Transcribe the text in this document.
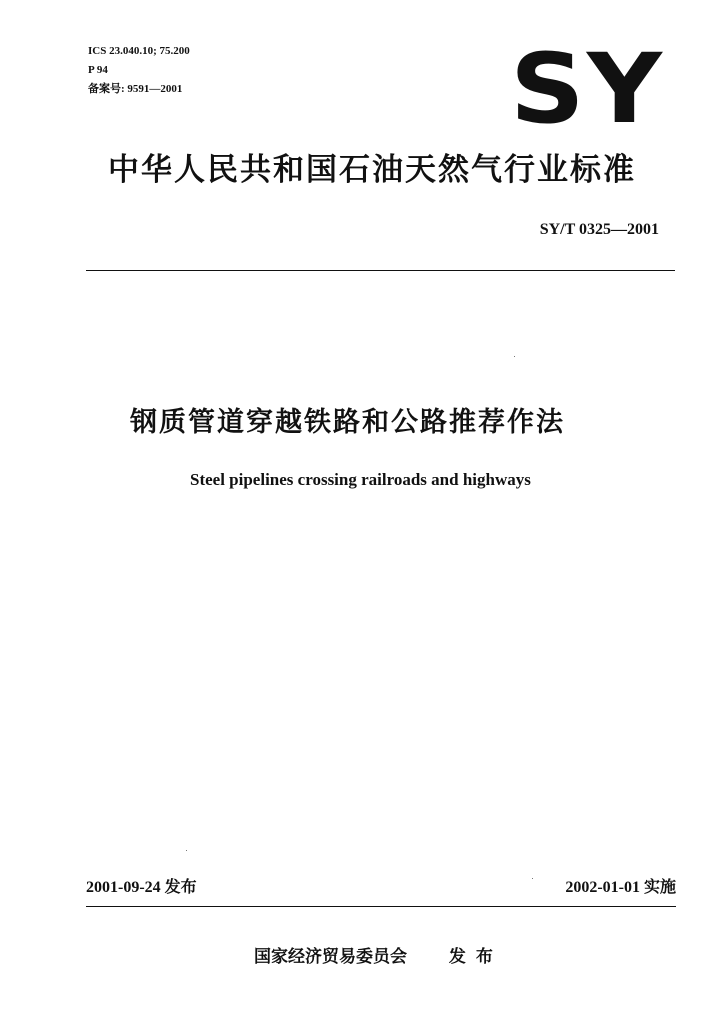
ICS 23.040.10; 75.200
P 94
备案号: 9591—2001	SY
中华人民共和国石油天然气行业标准
SY/T 0325—2001
钢质管道穿越铁路和公路推荐作法
Steel pipelines crossing railroads and highways
2001-09-24 发布	2002-01-01 实施
国家经济贸易委员会 发布
